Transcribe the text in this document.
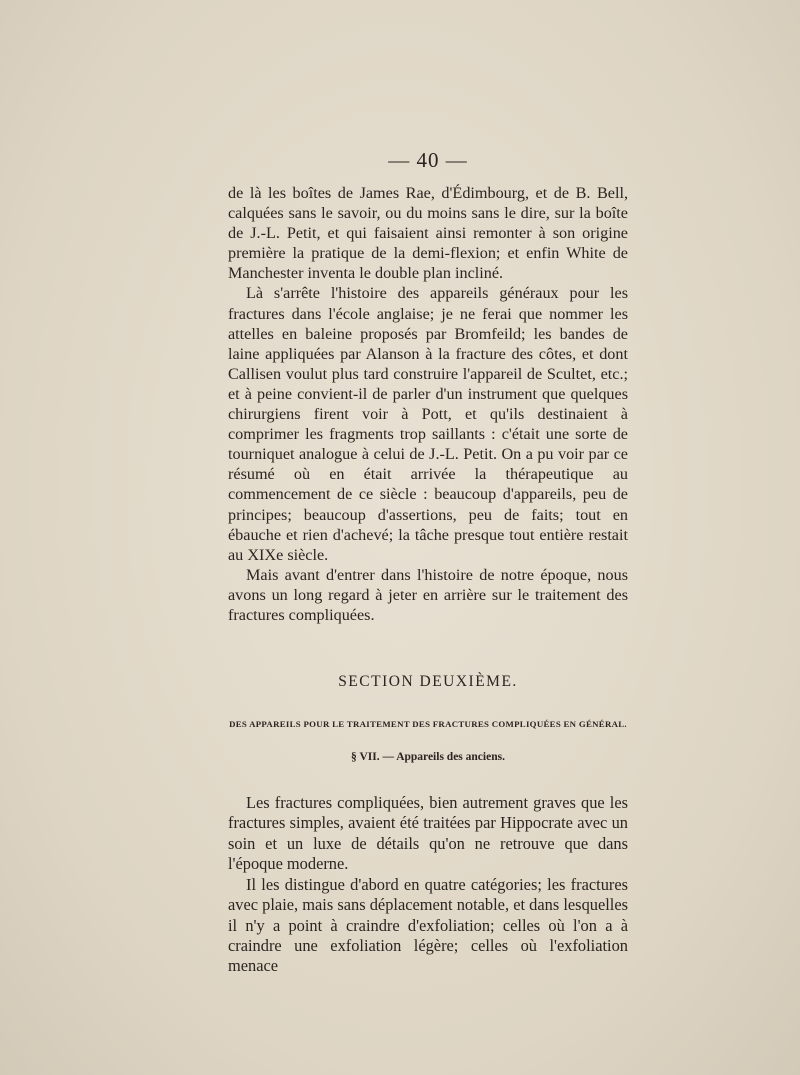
— 40 —

de là les boîtes de James Rae, d'Édimbourg, et de B. Bell, calquées sans le savoir, ou du moins sans le dire, sur la boîte de J.-L. Petit, et qui faisaient ainsi remonter à son origine première la pratique de la demi-flexion; et enfin White de Manchester inventa le double plan incliné.

Là s'arrête l'histoire des appareils généraux pour les fractures dans l'école anglaise; je ne ferai que nommer les attelles en baleine proposés par Bromfeild; les bandes de laine appliquées par Alanson à la fracture des côtes, et dont Callisen voulut plus tard construire l'appareil de Scultet, etc.; et à peine convient-il de parler d'un instrument que quelques chirurgiens firent voir à Pott, et qu'ils destinaient à comprimer les fragments trop saillants : c'était une sorte de tourniquet analogue à celui de J.-L. Petit. On a pu voir par ce résumé où en était arrivée la thérapeutique au commencement de ce siècle : beaucoup d'appareils, peu de principes; beaucoup d'assertions, peu de faits; tout en ébauche et rien d'achevé; la tâche presque tout entière restait au XIXe siècle.

Mais avant d'entrer dans l'histoire de notre époque, nous avons un long regard à jeter en arrière sur le traitement des fractures compliquées.

SECTION DEUXIÈME.
DES APPAREILS POUR LE TRAITEMENT DES FRACTURES COMPLIQUÉES EN GÉNÉRAL.
§ VII. — Appareils des anciens.

Les fractures compliquées, bien autrement graves que les fractures simples, avaient été traitées par Hippocrate avec un soin et un luxe de détails qu'on ne retrouve que dans l'époque moderne.

Il les distingue d'abord en quatre catégories; les fractures avec plaie, mais sans déplacement notable, et dans lesquelles il n'y a point à craindre d'exfoliation; celles où l'on a à craindre une exfoliation légère; celles où l'exfoliation menace
